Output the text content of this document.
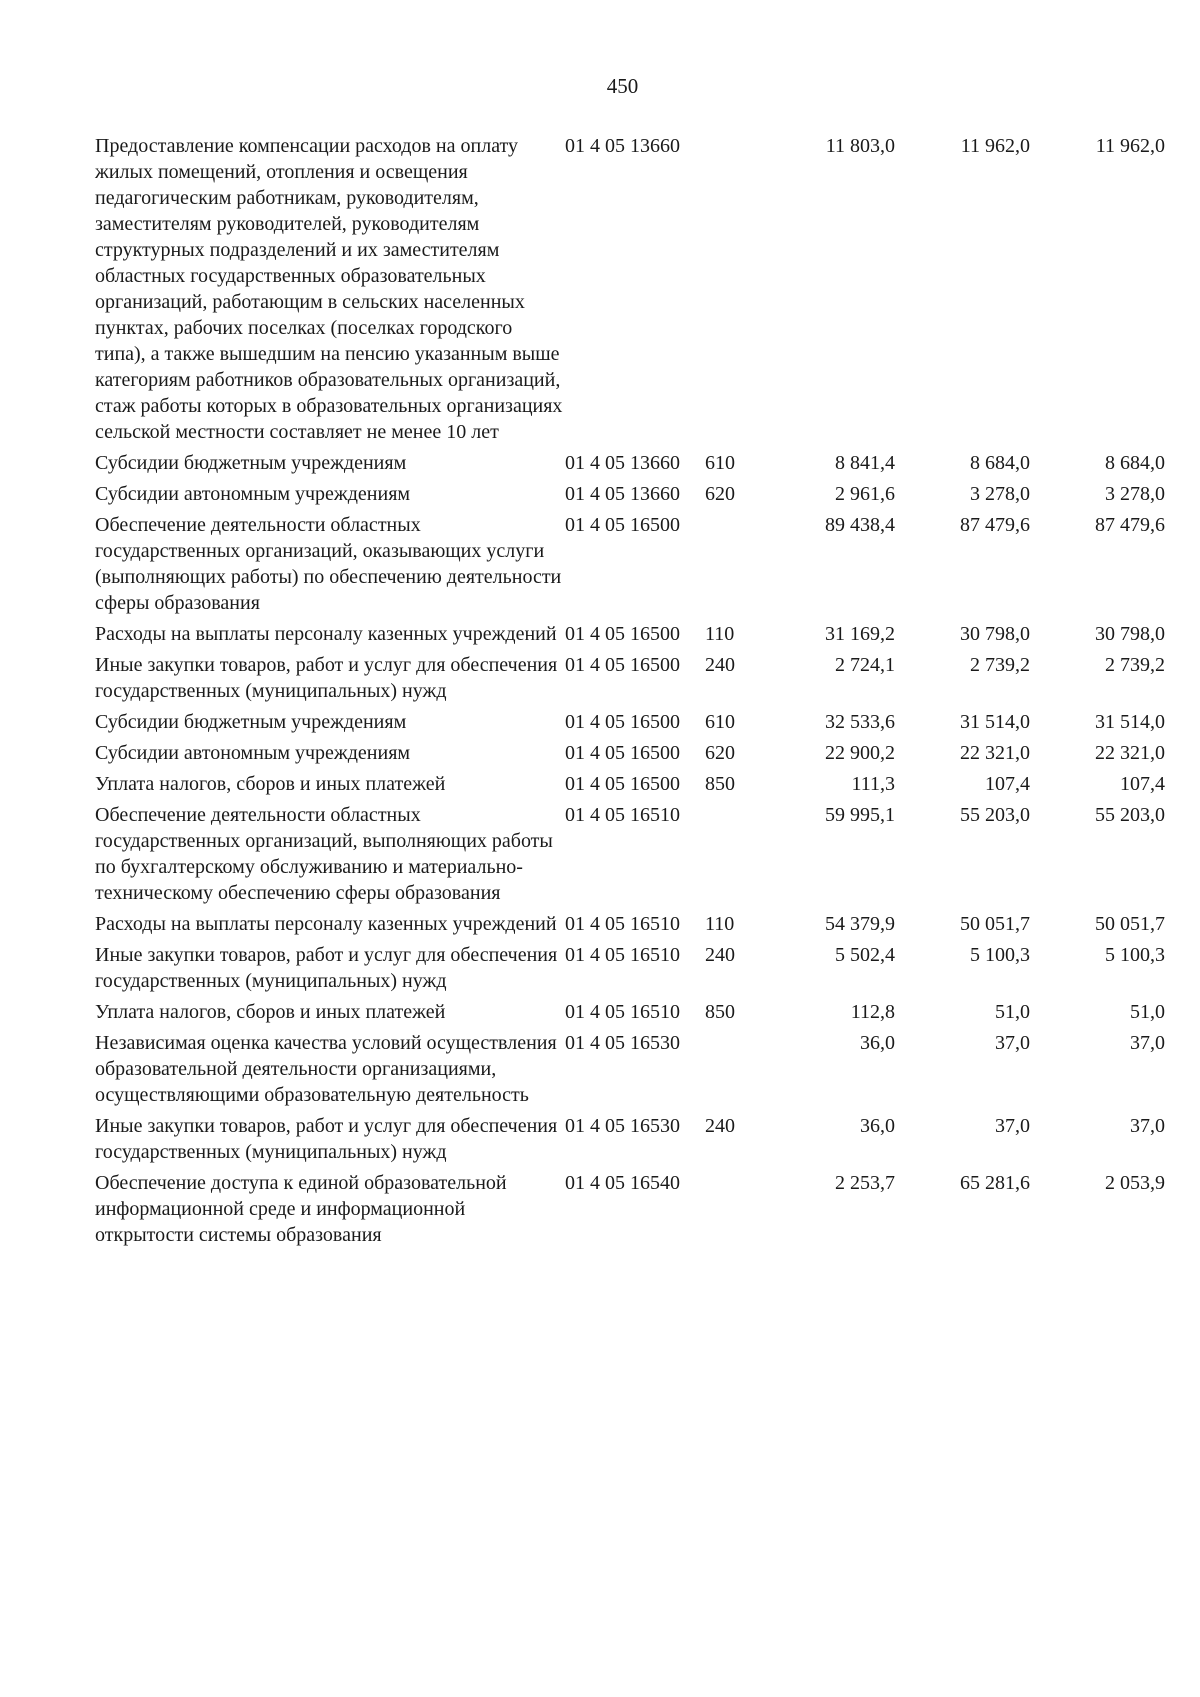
450
Предоставление компенсации расходов на оплату жилых помещений, отопления и освещения педагогическим работникам, руководителям, заместителям руководителей, руководителям структурных подразделений и их заместителям областных государственных образовательных организаций, работающим в сельских населенных пунктах, рабочих поселках (поселках городского типа), а также вышедшим на пенсию указанным выше категориям работников образовательных организаций, стаж работы которых в образовательных организациях сельской местности составляет не менее 10 лет	01 4 05 13660		11 803,0	11 962,0	11 962,0
Субсидии бюджетным учреждениям	01 4 05 13660	610	8 841,4	8 684,0	8 684,0
Субсидии автономным учреждениям	01 4 05 13660	620	2 961,6	3 278,0	3 278,0
Обеспечение деятельности областных государственных организаций, оказывающих услуги (выполняющих работы) по обеспечению деятельности сферы образования	01 4 05 16500		89 438,4	87 479,6	87 479,6
Расходы на выплаты персоналу казенных учреждений	01 4 05 16500	110	31 169,2	30 798,0	30 798,0
Иные закупки товаров, работ и услуг для обеспечения государственных (муниципальных) нужд	01 4 05 16500	240	2 724,1	2 739,2	2 739,2
Субсидии бюджетным учреждениям	01 4 05 16500	610	32 533,6	31 514,0	31 514,0
Субсидии автономным учреждениям	01 4 05 16500	620	22 900,2	22 321,0	22 321,0
Уплата налогов, сборов и иных платежей	01 4 05 16500	850	111,3	107,4	107,4
Обеспечение деятельности областных государственных организаций, выполняющих работы по бухгалтерскому обслуживанию и материально-техническому обеспечению сферы образования	01 4 05 16510		59 995,1	55 203,0	55 203,0
Расходы на выплаты персоналу казенных учреждений	01 4 05 16510	110	54 379,9	50 051,7	50 051,7
Иные закупки товаров, работ и услуг для обеспечения государственных (муниципальных) нужд	01 4 05 16510	240	5 502,4	5 100,3	5 100,3
Уплата налогов, сборов и иных платежей	01 4 05 16510	850	112,8	51,0	51,0
Независимая оценка качества условий осуществления образовательной деятельности организациями, осуществляющими образовательную деятельность	01 4 05 16530		36,0	37,0	37,0
Иные закупки товаров, работ и услуг для обеспечения государственных (муниципальных) нужд	01 4 05 16530	240	36,0	37,0	37,0
Обеспечение доступа к единой образовательной информационной среде и информационной открытости системы образования	01 4 05 16540		2 253,7	65 281,6	2 053,9
